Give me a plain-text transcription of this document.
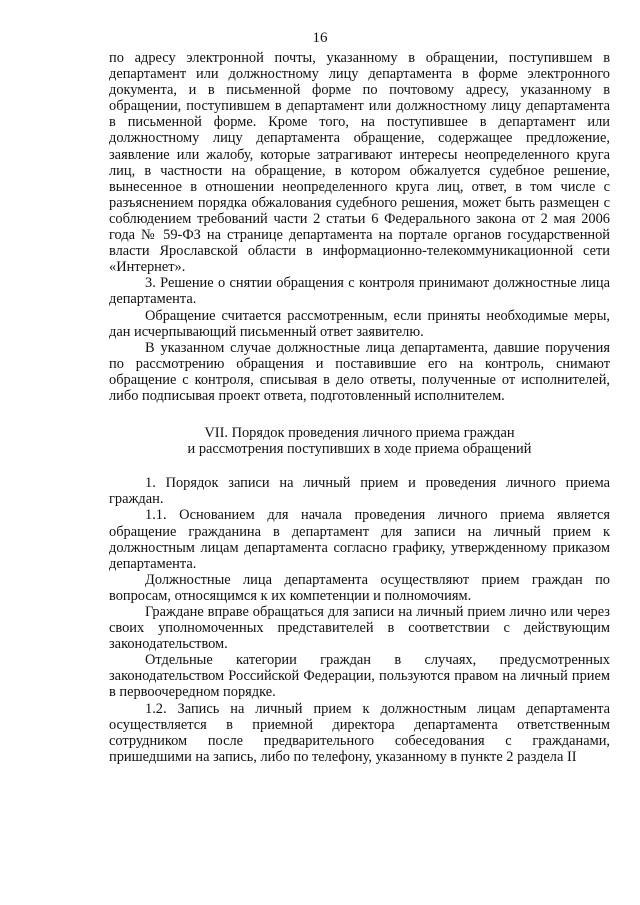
16

по адресу электронной почты, указанному в обращении, поступившем в департамент или должностному лицу департамента в форме электронного документа, и в письменной форме по почтовому адресу, указанному в обращении, поступившем в департамент или должностному лицу департамента в письменной форме. Кроме того, на поступившее в департамент или должностному лицу департамента обращение, содержащее предложение, заявление или жалобу, которые затрагивают интересы неопределенного круга лиц, в частности на обращение, в котором обжалуется судебное решение, вынесенное в отношении неопределенного круга лиц, ответ, в том числе с разъяснением порядка обжалования судебного решения, может быть размещен с соблюдением требований части 2 статьи 6 Федерального закона от 2 мая 2006 года № 59-ФЗ на странице департамента на портале органов государственной власти Ярославской области в информационно-телекоммуникационной сети «Интернет».

3. Решение о снятии обращения с контроля принимают должностные лица департамента.

Обращение считается рассмотренным, если приняты необходимые меры, дан исчерпывающий письменный ответ заявителю.

В указанном случае должностные лица департамента, давшие поручения по рассмотрению обращения и поставившие его на контроль, снимают обращение с контроля, списывая в дело ответы, полученные от исполнителей, либо подписывая проект ответа, подготовленный исполнителем.

VII. Порядок проведения личного приема граждан

и рассмотрения поступивших в ходе приема обращений

1. Порядок записи на личный прием и проведения личного приема граждан.

1.1. Основанием для начала проведения личного приема является обращение гражданина в департамент для записи на личный прием к должностным лицам департамента согласно графику, утвержденному приказом департамента.

Должностные лица департамента осуществляют прием граждан по вопросам, относящимся к их компетенции и полномочиям.

Граждане вправе обращаться для записи на личный прием лично или через своих уполномоченных представителей в соответствии с действующим законодательством.

Отдельные категории граждан в случаях, предусмотренных законодательством Российской Федерации, пользуются правом на личный прием в первоочередном порядке.

1.2. Запись на личный прием к должностным лицам департамента осуществляется в приемной директора департамента ответственным сотрудником после предварительного собеседования с гражданами, пришедшими на запись, либо по телефону, указанному в пункте 2 раздела II
